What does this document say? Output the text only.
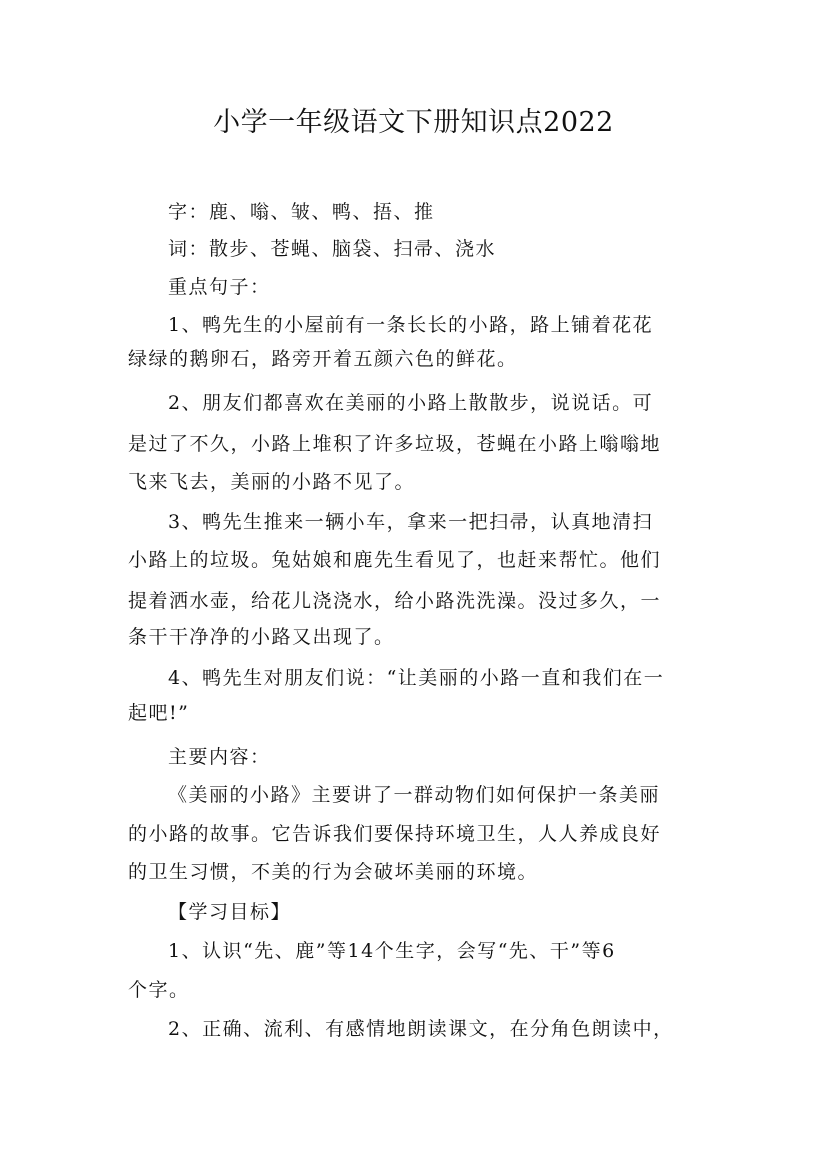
小学一年级语文下册知识点2022
字：鹿、嗡、皱、鸭、捂、推
词：散步、苍蝇、脑袋、扫帚、浇水
重点句子：
1、鸭先生的小屋前有一条长长的小路，路上铺着花花
绿绿的鹅卵石，路旁开着五颜六色的鲜花。
2、朋友们都喜欢在美丽的小路上散散步，说说话。可
是过了不久，小路上堆积了许多垃圾，苍蝇在小路上嗡嗡地
飞来飞去，美丽的小路不见了。
3、鸭先生推来一辆小车，拿来一把扫帚，认真地清扫
小路上的垃圾。兔姑娘和鹿先生看见了，也赶来帮忙。他们
提着洒水壶，给花儿浇浇水，给小路洗洗澡。没过多久，一
条干干净净的小路又出现了。
4、鸭先生对朋友们说：“让美丽的小路一直和我们在一
起吧!”
主要内容：
《美丽的小路》主要讲了一群动物们如何保护一条美丽
的小路的故事。它告诉我们要保持环境卫生，人人养成良好
的卫生习惯，不美的行为会破坏美丽的环境。
【学习目标】
1、认识“先、鹿”等14个生字，会写“先、干”等6
个字。
2、正确、流利、有感情地朗读课文，在分角色朗读中，
